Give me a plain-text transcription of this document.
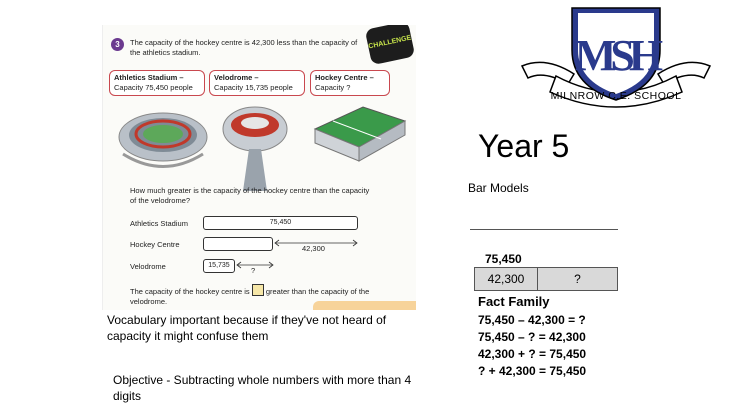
3	The capacity of the hockey centre is 42,300 less than the capacity of the athletics stadium.
CHALLENGE
Athletics Stadium –
Capacity 75,450 people
Velodrome –
Capacity 15,735 people
Hockey Centre –
Capacity ?
How much greater is the capacity of the hockey centre than the capacity of the velodrome?
Athletics Stadium	75,450
Hockey Centre	42,300
Velodrome	15,735
?
The capacity of the hockey centre is greater than the capacity of the velodrome.
MSH
MILNROW C.E. SCHOOL
Year 5
Bar Models
75,450
42,300	?
Fact Family
75,450 – 42,300 = ?
75,450 – ? = 42,300
42,300 + ? = 75,450
? + 42,300 = 75,450
Vocabulary important because if they've not heard of capacity it might confuse them
Objective - Subtracting whole numbers with more than 4 digits
